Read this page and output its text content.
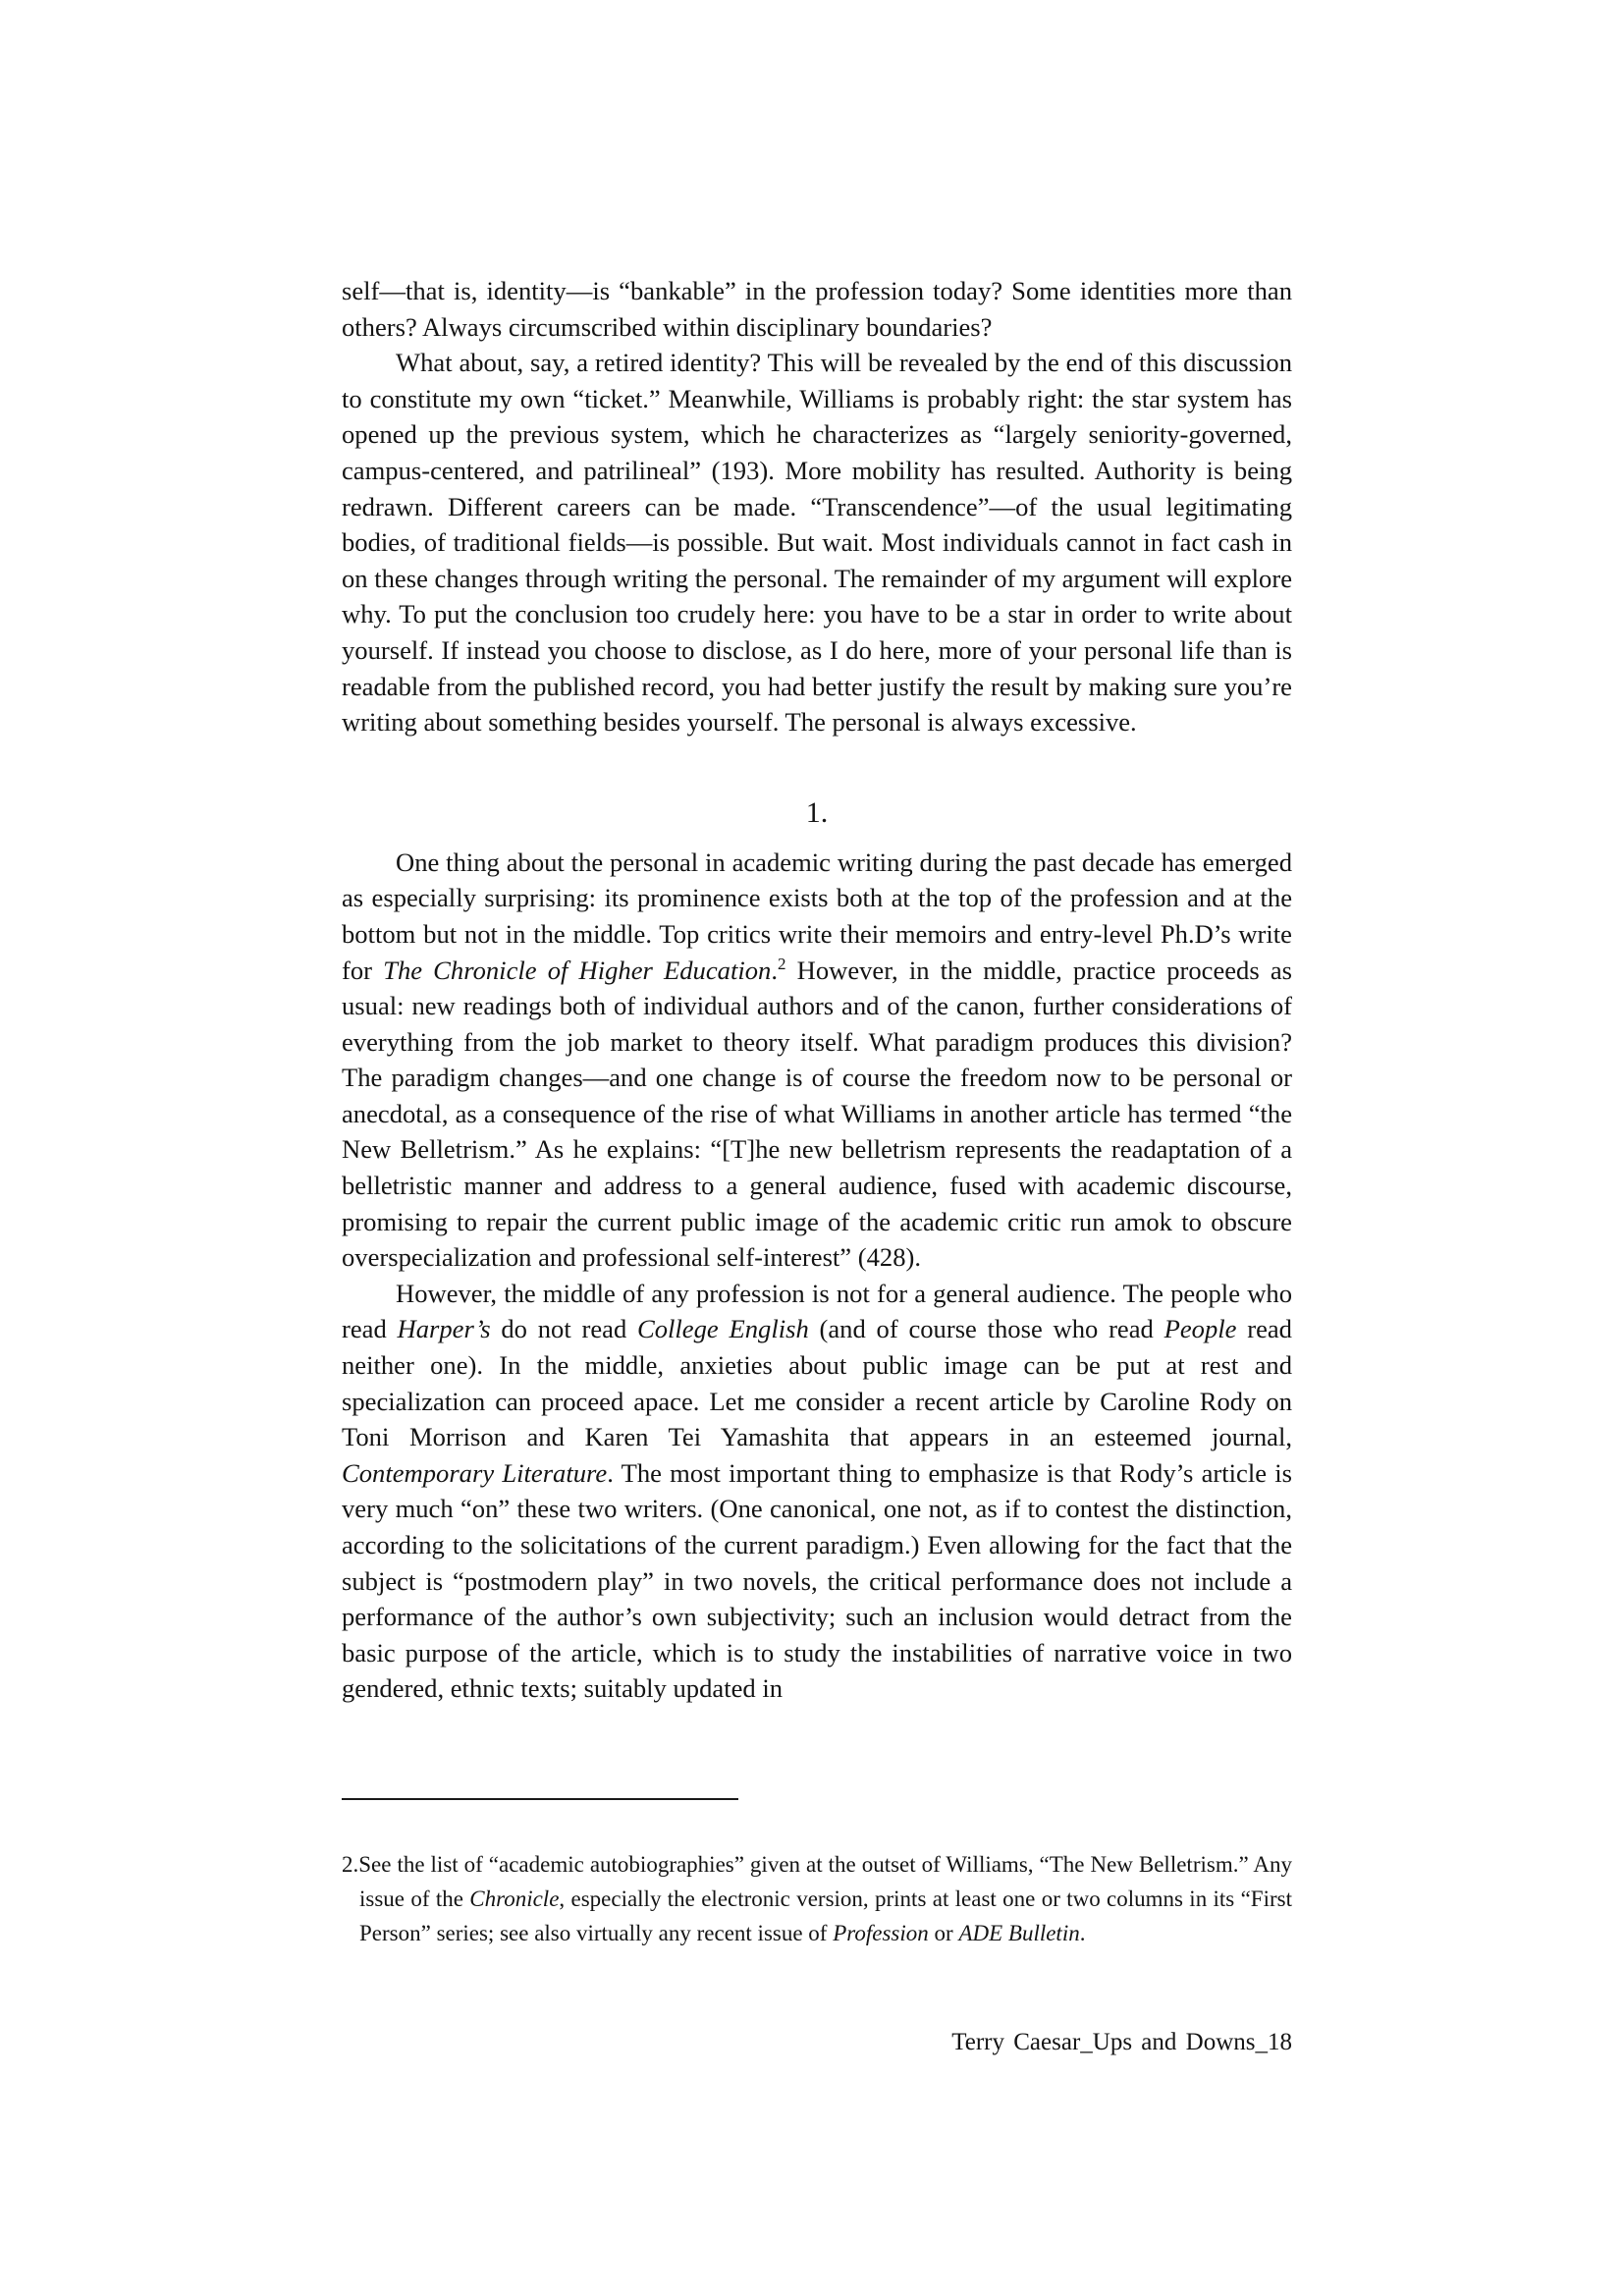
self—that is, identity—is “bankable” in the profession today? Some identities more than others? Always circumscribed within disciplinary boundaries?

What about, say, a retired identity? This will be revealed by the end of this discussion to constitute my own “ticket.” Meanwhile, Williams is probably right: the star system has opened up the previous system, which he characterizes as “largely seniority-governed, campus-centered, and patrilineal” (193). More mobility has resulted. Authority is being redrawn. Different careers can be made. “Transcendence”—of the usual legitimating bodies, of traditional fields—is possible. But wait. Most individuals cannot in fact cash in on these changes through writing the personal. The remainder of my argument will explore why. To put the conclusion too crudely here: you have to be a star in order to write about yourself. If instead you choose to disclose, as I do here, more of your personal life than is readable from the published record, you had better justify the result by making sure you’re writing about something besides yourself. The personal is always excessive.

1.

One thing about the personal in academic writing during the past decade has emerged as especially surprising: its prominence exists both at the top of the profession and at the bottom but not in the middle. Top critics write their memoirs and entry-level Ph.D’s write for The Chronicle of Higher Education.$^2$ However, in the middle, practice proceeds as usual: new readings both of individual authors and of the canon, further considerations of everything from the job market to theory itself. What paradigm produces this division? The paradigm changes—and one change is of course the freedom now to be personal or anecdotal, as a consequence of the rise of what Williams in another article has termed “the New Belletrism.” As he explains: “[T]he new belletrism represents the readaptation of a belletristic manner and address to a general audience, fused with academic discourse, promising to repair the current public image of the academic critic run amok to obscure overspecialization and professional self-interest” (428).

However, the middle of any profession is not for a general audience. The people who read Harper’s do not read College English (and of course those who read People read neither one). In the middle, anxieties about public image can be put at rest and specialization can proceed apace. Let me consider a recent article by Caroline Rody on Toni Morrison and Karen Tei Yamashita that appears in an esteemed journal, Contemporary Literature. The most important thing to emphasize is that Rody’s article is very much “on” these two writers. (One canonical, one not, as if to contest the distinction, according to the solicitations of the current paradigm.) Even allowing for the fact that the subject is “postmodern play” in two novels, the critical performance does not include a performance of the author’s own subjectivity; such an inclusion would detract from the basic purpose of the article, which is to study the instabilities of narrative voice in two gendered, ethnic texts; suitably updated in

2.See the list of “academic autobiographies” given at the outset of Williams, “The New Belletrism.” Any issue of the Chronicle, especially the electronic version, prints at least one or two columns in its “First Person” series; see also virtually any recent issue of Profession or ADE Bulletin.

Terry Caesar_Ups and Downs_18
